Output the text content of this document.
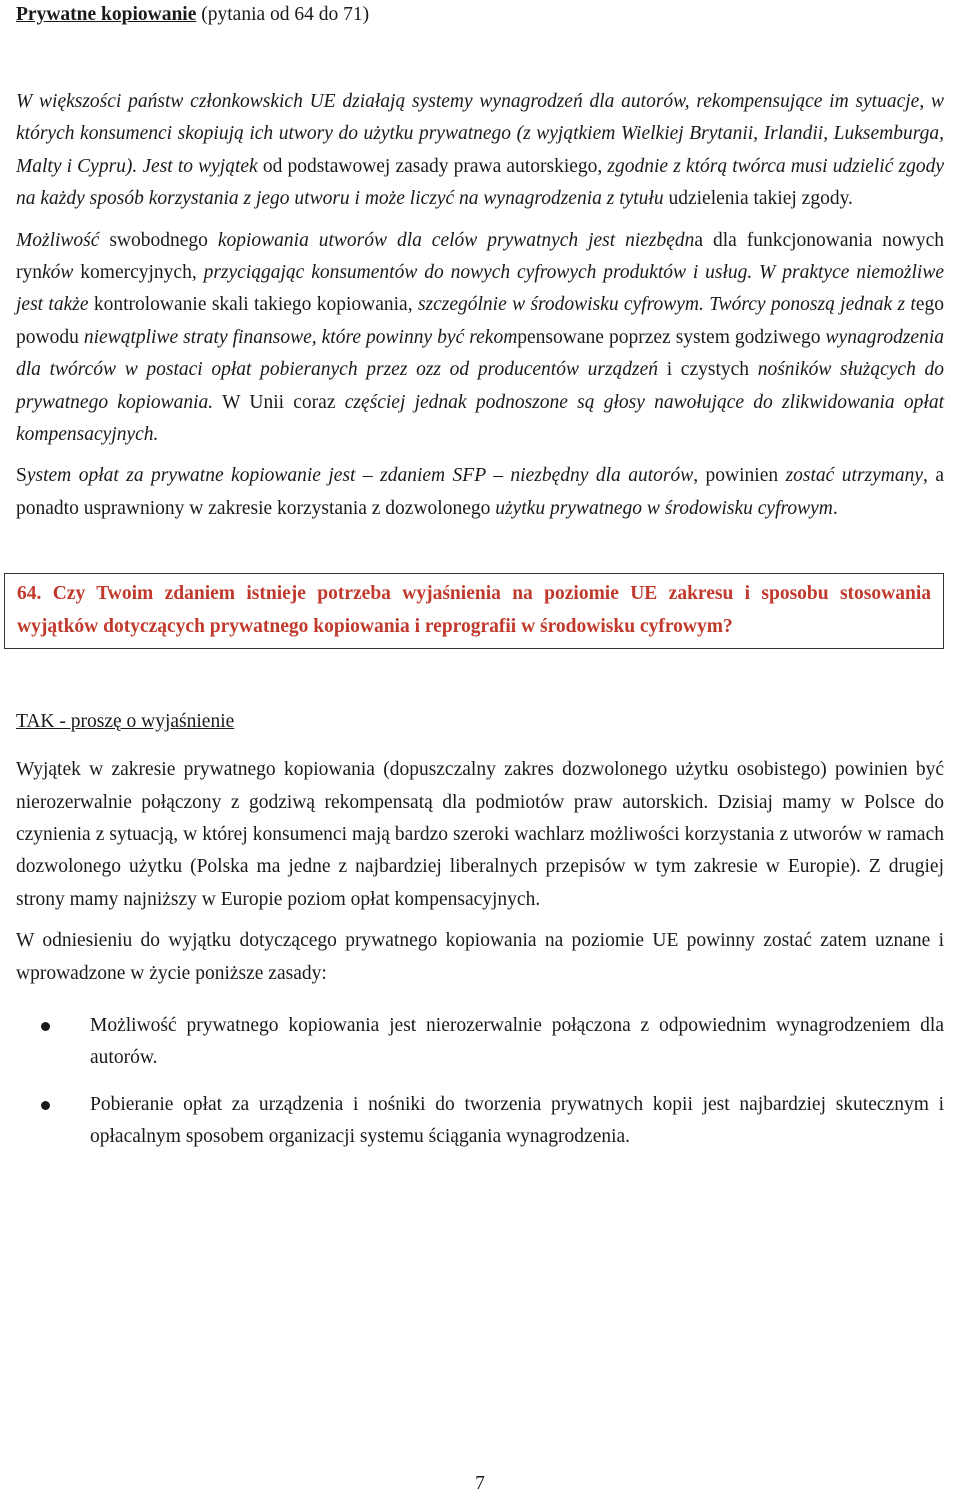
Prywatne kopiowanie (pytania od 64 do 71)

W większości państw członkowskich UE działają systemy wynagrodzeń dla autorów, rekompensujące im sytuacje, w których konsumenci skopiują ich utwory do użytku prywatnego (z wyjątkiem Wielkiej Brytanii, Irlandii, Luksemburga, Malty i Cypru). Jest to wyjątek od podstawowej zasady prawa autorskiego, zgodnie z którą twórca musi udzielić zgody na każdy sposób korzystania z jego utworu i może liczyć na wynagrodzenia z tytułu udzielenia takiej zgody.

Możliwość swobodnego kopiowania utworów dla celów prywatnych jest niezbędna dla funkcjonowania nowych rynków komercyjnych, przyciągając konsumentów do nowych cyfrowych produktów i usług. W praktyce niemożliwe jest także kontrolowanie skali takiego kopiowania, szczególnie w środowisku cyfrowym. Twórcy ponoszą jednak z tego powodu niewątpliwe straty finansowe, które powinny być rekompensowane poprzez system godziwego wynagrodzenia dla twórców w postaci opłat pobieranych przez ozz od producentów urządzeń i czystych nośników służących do prywatnego kopiowania. W Unii coraz częściej jednak podnoszone są głosy nawołujące do zlikwidowania opłat kompensacyjnych.

System opłat za prywatne kopiowanie jest – zdaniem SFP – niezbędny dla autorów, powinien zostać utrzymany, a ponadto usprawniony w zakresie korzystania z dozwolonego użytku prywatnego w środowisku cyfrowym.

64. Czy Twoim zdaniem istnieje potrzeba wyjaśnienia na poziomie UE zakresu i sposobu stosowania wyjątków dotyczących prywatnego kopiowania i reprografii w środowisku cyfrowym?

TAK - proszę o wyjaśnienie

Wyjątek w zakresie prywatnego kopiowania (dopuszczalny zakres dozwolonego użytku osobistego) powinien być nierozerwalnie połączony z godziwą rekompensatą dla podmiotów praw autorskich. Dzisiaj mamy w Polsce do czynienia z sytuacją, w której konsumenci mają bardzo szeroki wachlarz możliwości korzystania z utworów w ramach dozwolonego użytku (Polska ma jedne z najbardziej liberalnych przepisów w tym zakresie w Europie). Z drugiej strony mamy najniższy w Europie poziom opłat kompensacyjnych.

W odniesieniu do wyjątku dotyczącego prywatnego kopiowania na poziomie UE powinny zostać zatem uznane i wprowadzone w życie poniższe zasady:

Możliwość prywatnego kopiowania jest nierozerwalnie połączona z odpowiednim wynagrodzeniem dla autorów.

Pobieranie opłat za urządzenia i nośniki do tworzenia prywatnych kopii jest najbardziej skutecznym i opłacalnym sposobem organizacji systemu ściągania wynagrodzenia.

7
